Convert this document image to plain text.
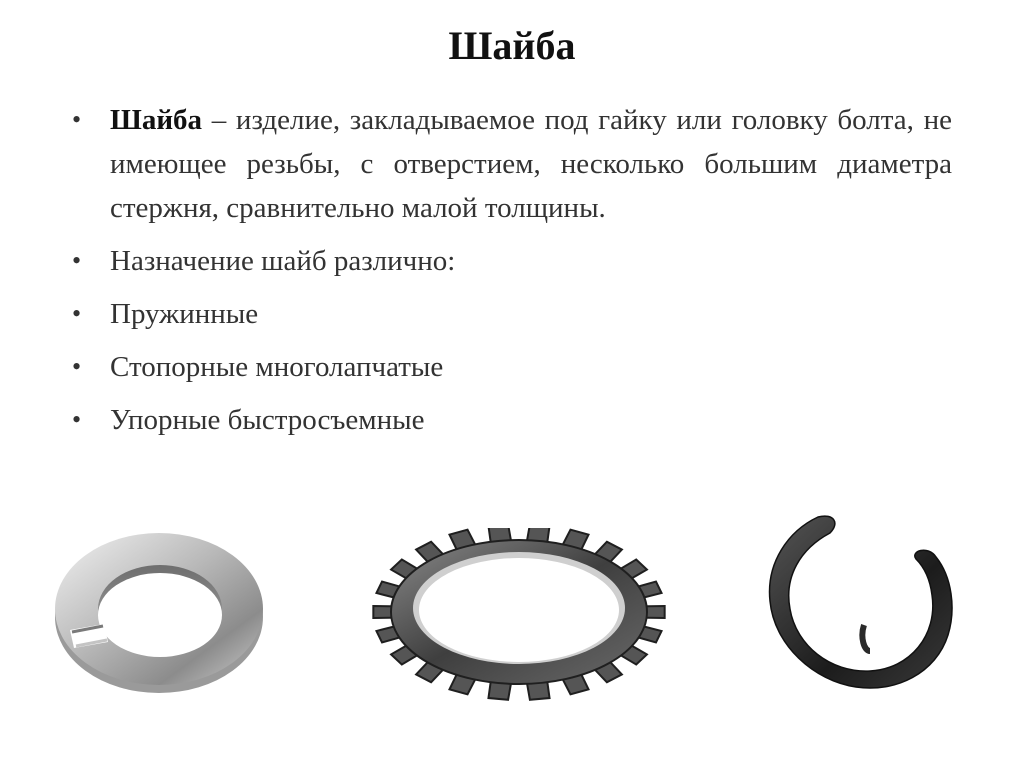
Шайба
• Шайба – изделие, закладываемое под гайку или головку болта, не имеющее резьбы, с отверстием, несколько большим диаметра стержня, сравнительно малой толщины.
• Назначение шайб различно:
• Пружинные
• Стопорные многолапчатые
• Упорные быстросъемные
